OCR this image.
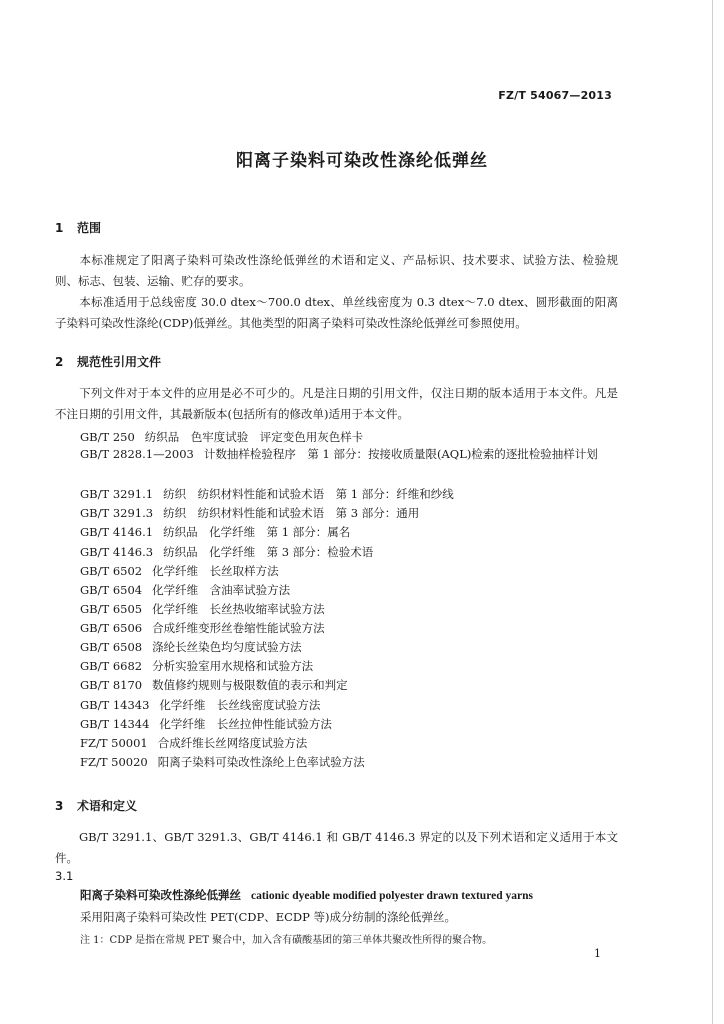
FZ/T 54067—2013
阳离子染料可染改性涤纶低弹丝
1 范围
本标准规定了阳离子染料可染改性涤纶低弹丝的术语和定义、产品标识、技术要求、试验方法、检验规则、标志、包装、运输、贮存的要求。
本标准适用于总线密度 30.0 dtex～700.0 dtex、单丝线密度为 0.3 dtex～7.0 dtex、圆形截面的阳离子染料可染改性涤纶(CDP)低弹丝。其他类型的阳离子染料可染改性涤纶低弹丝可参照使用。
2 规范性引用文件
下列文件对于本文件的应用是必不可少的。凡是注日期的引用文件，仅注日期的版本适用于本文件。凡是不注日期的引用文件，其最新版本(包括所有的修改单)适用于本文件。
GB/T 250 纺织品　色牢度试验　评定变色用灰色样卡
GB/T 2828.1—2003 计数抽样检验程序　第 1 部分：按接收质量限(AQL)检索的逐批检验抽样计划
GB/T 3291.1 纺织　纺织材料性能和试验术语　第 1 部分：纤维和纱线
GB/T 3291.3 纺织　纺织材料性能和试验术语　第 3 部分：通用
GB/T 4146.1 纺织品　化学纤维　第 1 部分：属名
GB/T 4146.3 纺织品　化学纤维　第 3 部分：检验术语
GB/T 6502 化学纤维　长丝取样方法
GB/T 6504 化学纤维　含油率试验方法
GB/T 6505 化学纤维　长丝热收缩率试验方法
GB/T 6506 合成纤维变形丝卷缩性能试验方法
GB/T 6508 涤纶长丝染色均匀度试验方法
GB/T 6682 分析实验室用水规格和试验方法
GB/T 8170 数值修约规则与极限数值的表示和判定
GB/T 14343 化学纤维　长丝线密度试验方法
GB/T 14344 化学纤维　长丝拉伸性能试验方法
FZ/T 50001 合成纤维长丝网络度试验方法
FZ/T 50020 阳离子染料可染改性涤纶上色率试验方法
3 术语和定义
GB/T 3291.1、GB/T 3291.3、GB/T 4146.1 和 GB/T 4146.3 界定的以及下列术语和定义适用于本文件。
3.1
阳离子染料可染改性涤纶低弹丝 cationic dyeable modified polyester drawn textured yarns
采用阳离子染料可染改性 PET(CDP、ECDP 等)成分纺制的涤纶低弹丝。
注 1：CDP 是指在常规 PET 聚合中，加入含有磺酸基团的第三单体共聚改性所得的聚合物。
1
